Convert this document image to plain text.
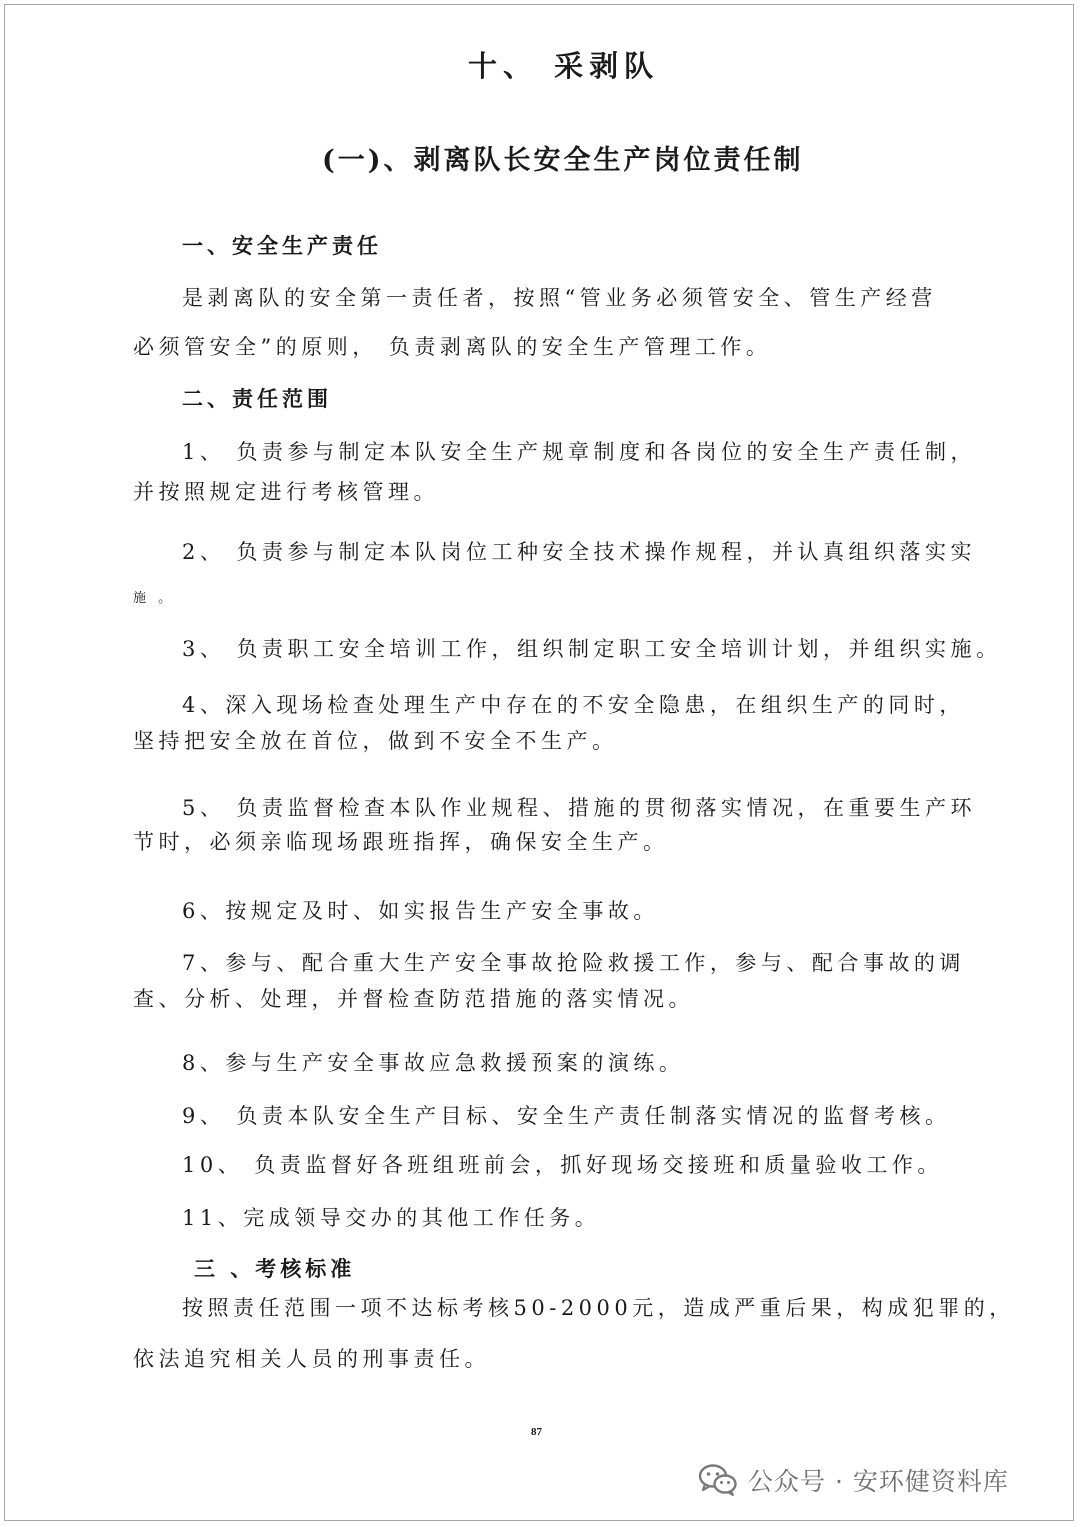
十、 采剥队
(一)、剥离队长安全生产岗位责任制
一、安全生产责任
是剥离队的安全第一责任者，按照“管业务必须管安全、管生产经营
必须管安全”的原则， 负责剥离队的安全生产管理工作。
二、责任范围
1、 负责参与制定本队安全生产规章制度和各岗位的安全生产责任制，
并按照规定进行考核管理。
2、 负责参与制定本队岗位工种安全技术操作规程，并认真组织落实实
施 。
3、 负责职工安全培训工作，组织制定职工安全培训计划，并组织实施。
4、深入现场检查处理生产中存在的不安全隐患，在组织生产的同时，
坚持把安全放在首位，做到不安全不生产。
5、 负责监督检查本队作业规程、措施的贯彻落实情况，在重要生产环
节时，必须亲临现场跟班指挥，确保安全生产。
6、按规定及时、如实报告生产安全事故。
7、参与、配合重大生产安全事故抢险救援工作，参与、配合事故的调
查、分析、处理，并督检查防范措施的落实情况。
8、参与生产安全事故应急救援预案的演练。
9、 负责本队安全生产目标、安全生产责任制落实情况的监督考核。
10、 负责监督好各班组班前会，抓好现场交接班和质量验收工作。
11、完成领导交办的其他工作任务。
三 、考核标准
按照责任范围一项不达标考核50-2000元，造成严重后果，构成犯罪的，
依法追究相关人员的刑事责任。
87
公众号 · 安环健资料库
